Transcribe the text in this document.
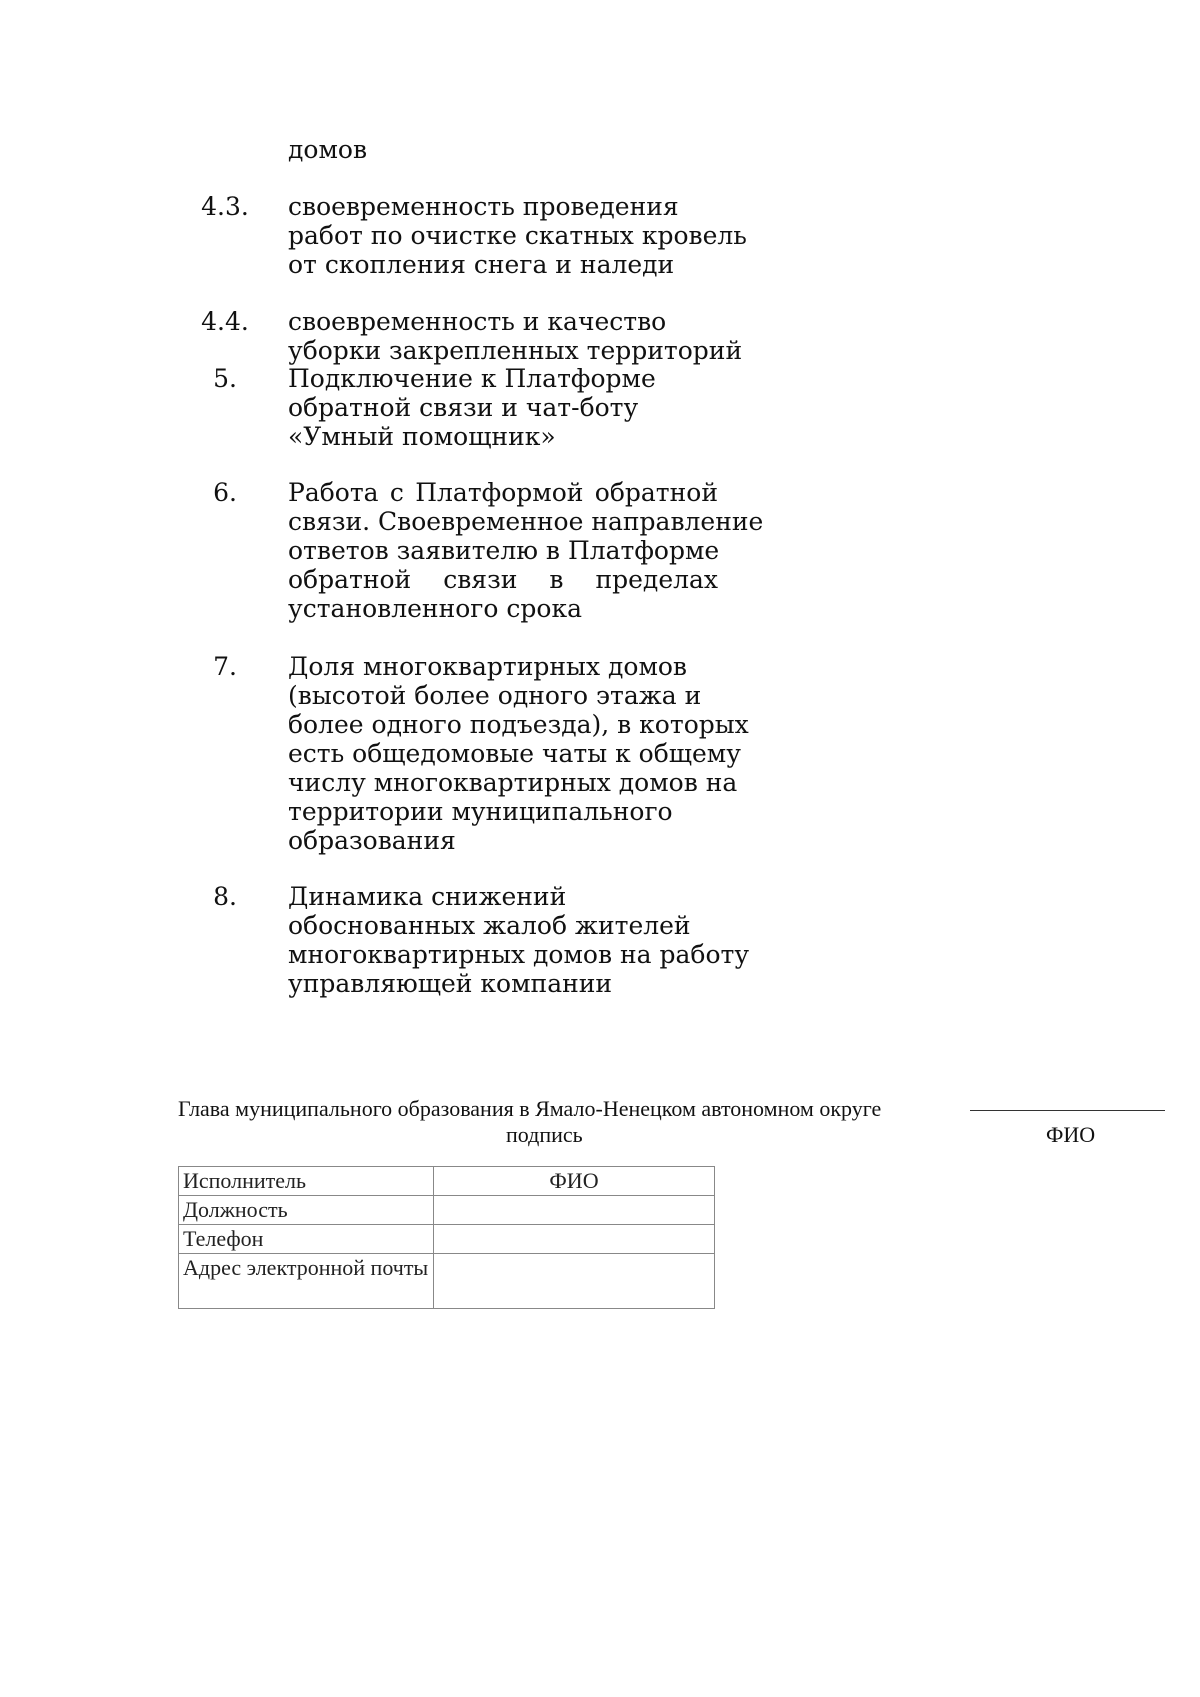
домов
4.3.	своевременность проведения
работ по очистке скатных кровель
от скопления снега и наледи
4.4.	своевременность и качество
уборки закрепленных территорий
5.	Подключение к Платформе
обратной связи и чат-боту
«Умный помощник»
6.	Работа с Платформой обратной
связи. Своевременное направление
ответов заявителю в Платформе
обратной связи в пределах
установленного срока
7.	Доля многоквартирных домов
(высотой более одного этажа и
более одного подъезда), в которых
есть общедомовые чаты к общему
числу многоквартирных домов на
территории муниципального
образования
8.	Динамика снижений
обоснованных жалоб жителей
многоквартирных домов на работу
управляющей компании
Глава муниципального образования в Ямало-Ненецком автономном округе
подпись	ФИО
Исполнитель	ФИО
Должность	
Телефон	
Адрес электронной почты	
